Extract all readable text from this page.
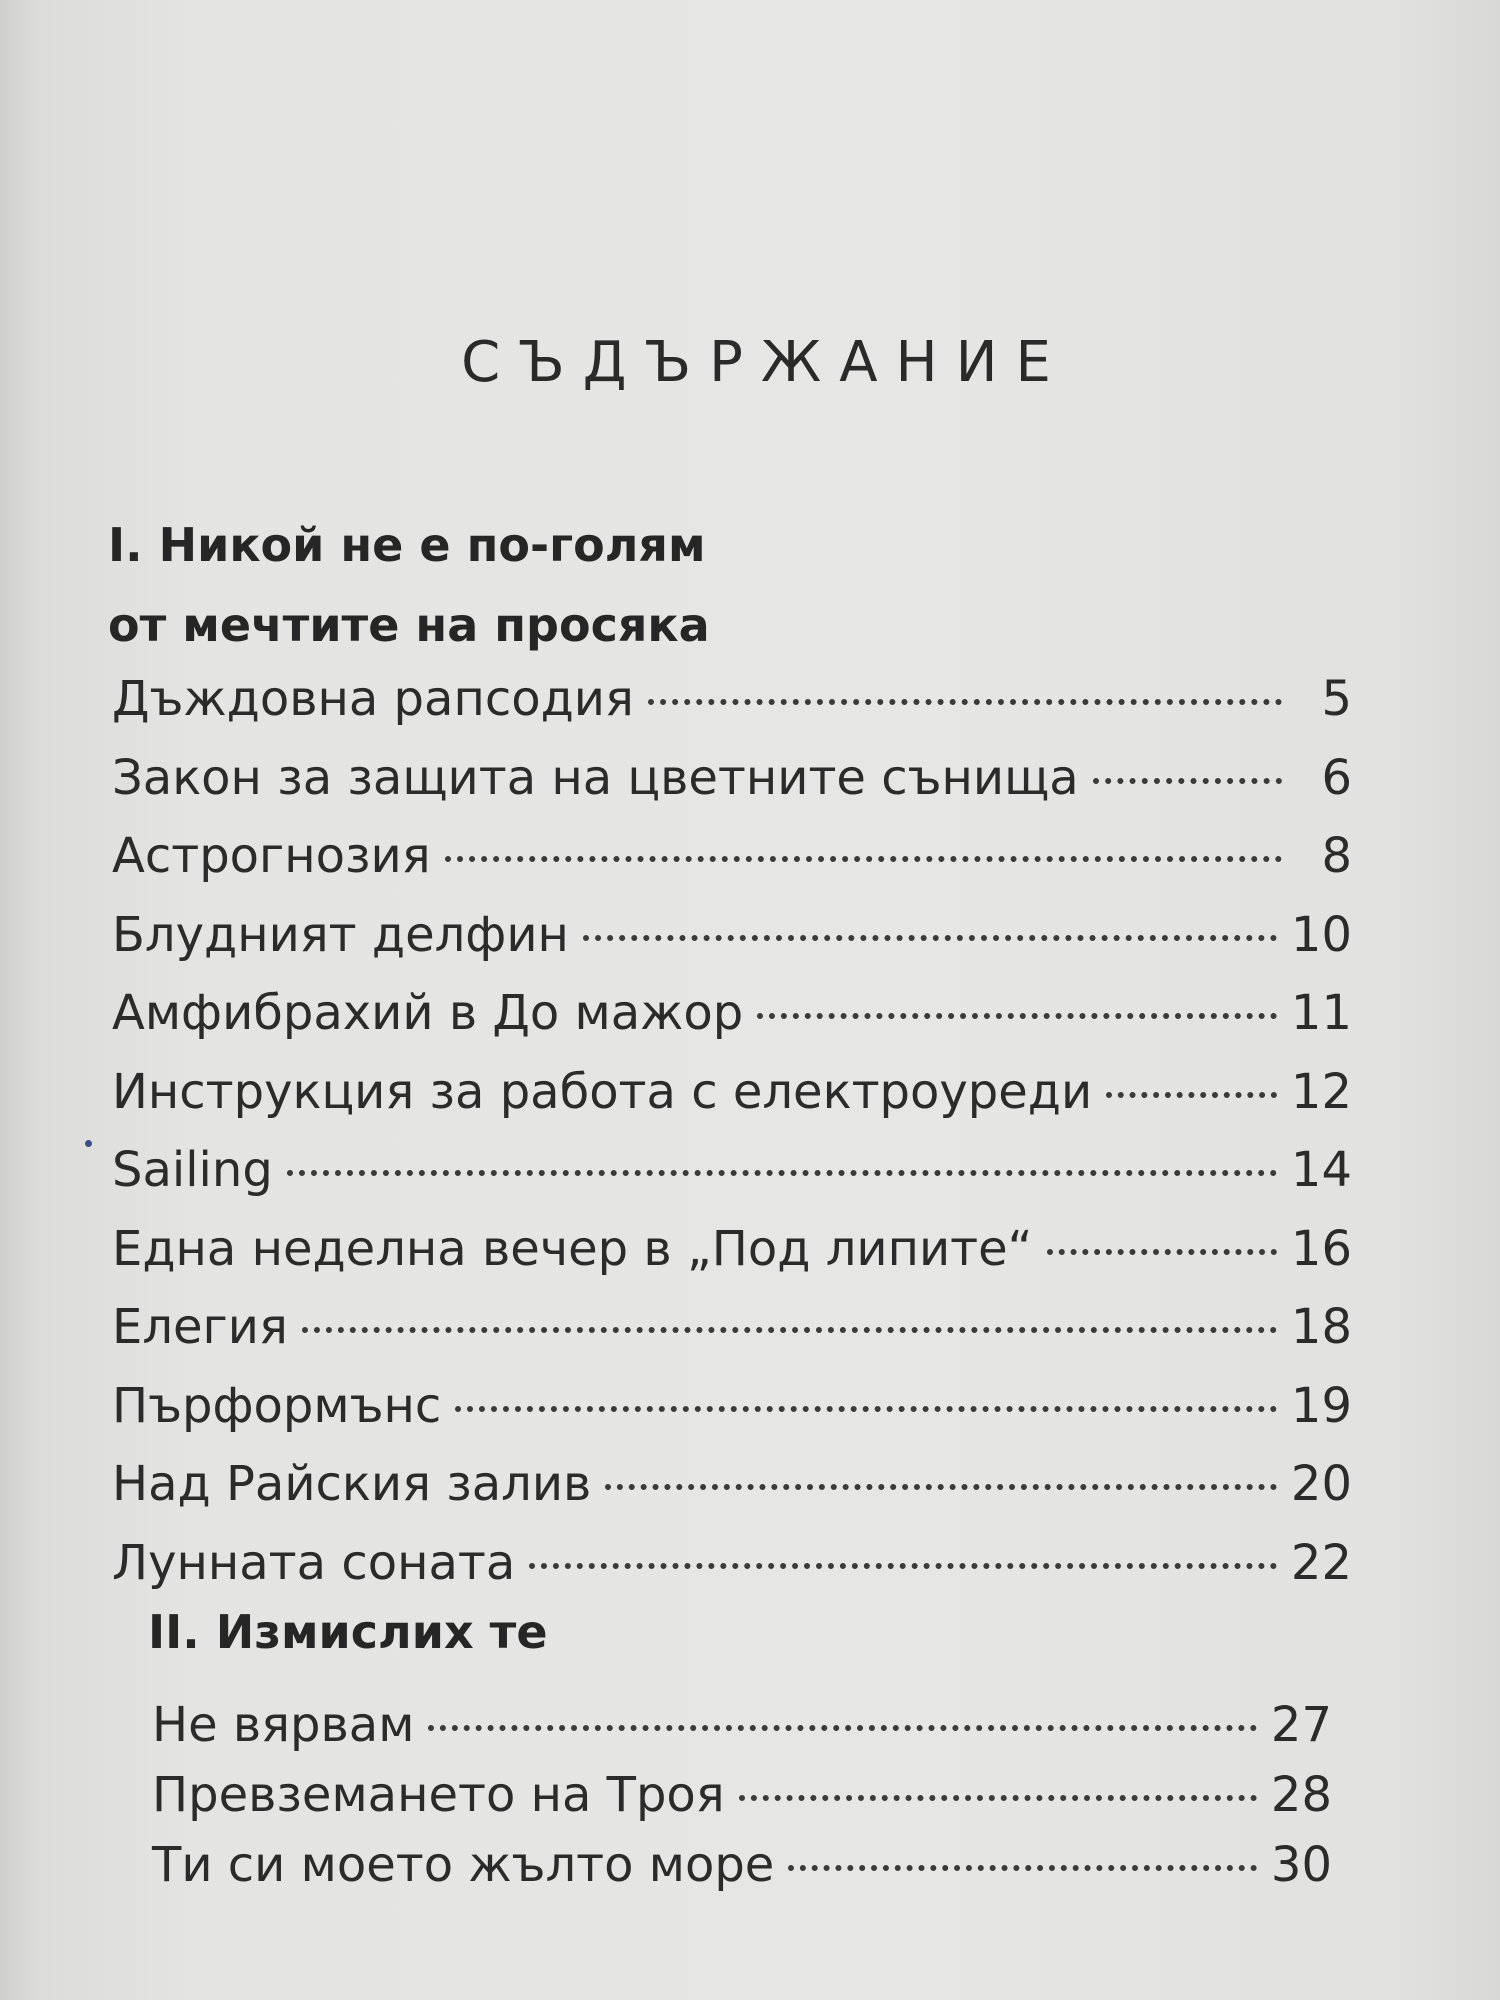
СЪДЪРЖАНИЕ
I. Никой не е по-голям
от мечтите на просяка
Дъждовна рапсодия	5
Закон за защита на цветните сънища	6
Астрогнозия	8
Блудният делфин	10
Амфибрахий в До мажор	11
Инструкция за работа с електроуреди	12
Sailing	14
Една неделна вечер в „Под липите“	16
Елегия	18
Пърформънс	19
Над Райския залив	20
Лунната соната	22
II. Измислих те
Не вярвам	27
Превземането на Троя	28
Ти си моето жълто море	30
